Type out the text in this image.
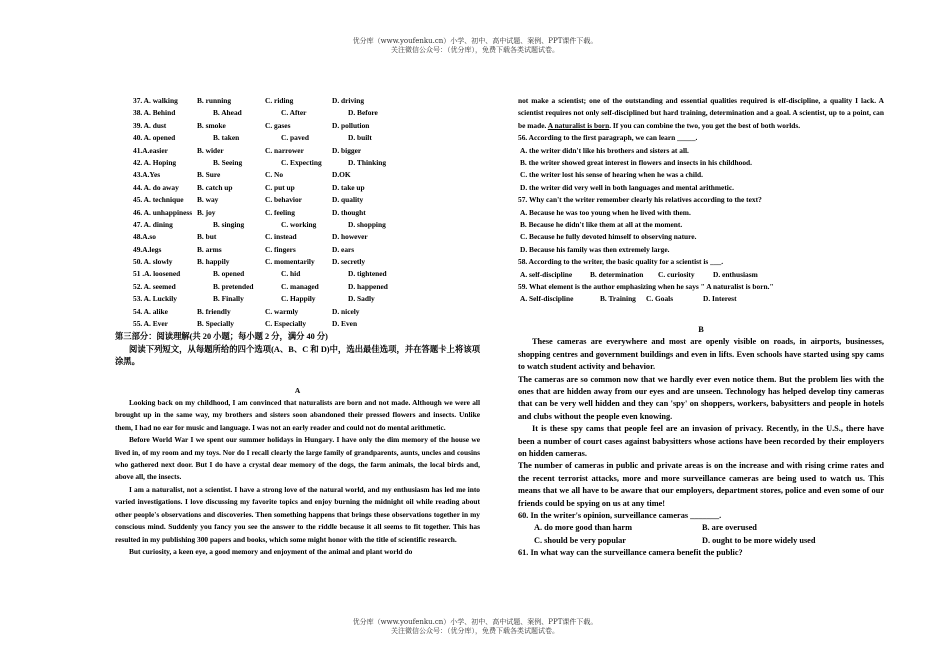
优分库（www.youfenku.cn）小学、初中、高中试题、案例、PPT课件下载。
关注微信公众号：（优分库），免费下载各类试题试卷。
37. A. walking	B. running	C. riding	D. driving
38. A. Behind	B. Ahead	C. After	D. Before
39. A. dust	B. smoke	C. gases	D. pollution
40. A. opened	B. taken	C. paved	D. built
41.A.easier	B. wider	C. narrower	D. bigger
42. A. Hoping	B. Seeing	C. Expecting	D. Thinking
43.A.Yes	B. Sure	C. No	D.OK
44. A. do away B. catch up	C. put up	D. take up
45. A. technique B. way	C. behavior	D. quality
46. A. unhappiness B. joy	C. feeling	D. thought
47. A. dining	B. singing	C. working	D. shopping
48.A.so	B. but	C. instead	D. however
49.A.legs	B. arms	C. fingers	D. ears
50. A. slowly	B. happily	C. momentarily D. secretly
51 .A. loosened	B. opened	C. hid	D. tightened
52. A. seemed	B. pretended	C. managed	D. happened
53. A. Luckily	B. Finally	C. Happily	D. Sadly
54. A. alike	B. friendly	C. warmly	D. nicely
55. A. Ever	B. Specially	C. Especially	D. Even
第三部分：阅读理解(共 20 小题；每小题 2 分，满分 40 分)
阅读下列短文，从每题所给的四个选项(A、B、C 和 D)中，选出最佳选项，并在答题卡上将该项涂黑。
A

Looking back on my childhood, I am convinced that naturalists are born and not made. Although we were all brought up in the same way, my brothers and sisters soon abandoned their pressed flowers and insects. Unlike them, I had no ear for music and language. I was not an early reader and could not do mental arithmetic.

Before World War I we spent our summer holidays in Hungary. I have only the dim memory of the house we lived in, of my room and my toys. Nor do I recall clearly the large family of grandparents, aunts, uncles and cousins who gathered next door. But I do have a crystal dear memory of the dogs, the farm animals, the local birds and, above all, the insects.

I am a naturalist, not a scientist. I have a strong love of the natural world, and my enthusiasm has led me into varied investigations. I love discussing my favorite topics and enjoy burning the midnight oil while reading about other people's observations and discoveries. Then something happens that brings these observations together in my conscious mind. Suddenly you fancy you see the answer to the riddle because it all seems to fit together. This has resulted in my publishing 300 papers and books, which some might honor with the title of scientific research.

But curiosity, a keen eye, a good memory and enjoyment of the animal and plant world do

not make a scientist; one of the outstanding and essential qualities required is elf-discipline, a quality I lack. A scientist requires not only self-disciplined but hard training, determination and a goal. A scientist, up to a point, can be made. A naturalist is born. If you can combine the two, you get the best of both worlds.

56. According to the first paragraph, we can learn _____.
A. the writer didn't like his brothers and sisters at all.
B. the writer showed great interest in flowers and insects in his childhood.
C. the writer lost his sense of hearing when he was a child.
D. the writer did very well in both languages and mental arithmetic.
57. Why can't the writer remember clearly his relatives according to the text?
A. Because he was too young when he lived with them.
B. Because he didn't like them at all at the moment.
C. Because he fully devoted himself to observing nature.
D. Because his family was then extremely large.
58. According to the writer, the basic quality for a scientist is ___.
A. self-discipline B. determination C. curiosity D. enthusiasm
59. What element is the author emphasizing when he says " A naturalist is born."
A. Self-discipline	B. Training C. Goals	D. Interest
B

These cameras are everywhere and most are openly visible on roads, in airports, businesses, shopping centres and government buildings and even in lifts. Even schools have started using spy cams to watch student activity and behavior.

The cameras are so common now that we hardly ever even notice them. But the problem lies with the ones that are hidden away from our eyes and are unseen. Technology has helped develop tiny cameras that can be very well hidden and they can 'spy' on shoppers, workers, babysitters and people in hotels and clubs without the people even knowing.

It is these spy cams that people feel are an invasion of privacy. Recently, in the U.S., there have been a number of court cases against babysitters whose actions have been recorded by their employers on hidden cameras.

The number of cameras in public and private areas is on the increase and with rising crime rates and the recent terrorist attacks, more and more surveillance cameras are being used to watch us. This means that we all have to be aware that our employers, department stores, police and even some of our friends could be spying on us at any time!

60. In the writer's opinion, surveillance cameras _______.
A. do more good than harm	B. are overused
C. should be very popular	D. ought to be more widely used
61. In what way can the surveillance camera benefit the public?
优分库（www.youfenku.cn）小学、初中、高中试题、案例、PPT课件下载。
关注微信公众号：（优分库），免费下载各类试题试卷。
